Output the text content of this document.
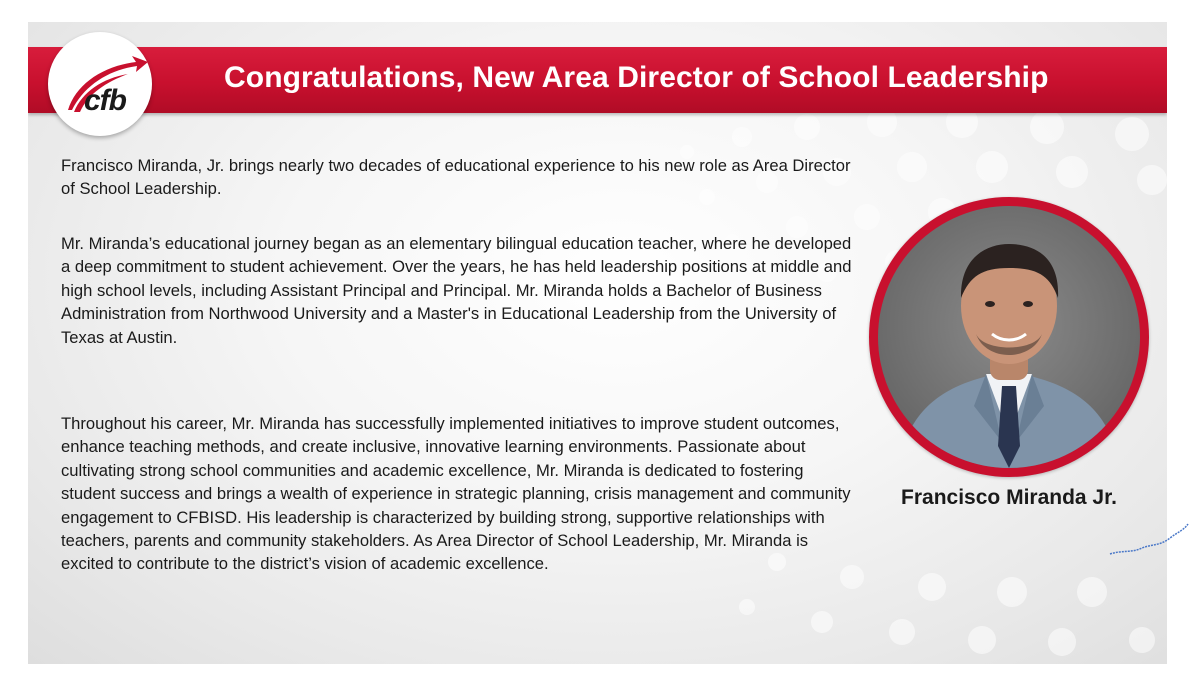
Congratulations, New Area Director of School Leadership
cfb

Francisco Miranda, Jr. brings nearly two decades of educational experience to his new role as Area Director of School Leadership.

Mr. Miranda’s educational journey began as an elementary bilingual education teacher, where he developed a deep commitment to student achievement. Over the years, he has held leadership positions at middle and high school levels, including Assistant Principal and Principal. Mr. Miranda holds a Bachelor of Business Administration from Northwood University and a Master's in Educational Leadership from the University of Texas at Austin.

Throughout his career, Mr. Miranda has successfully implemented initiatives to improve student outcomes, enhance teaching methods, and create inclusive, innovative learning environments. Passionate about cultivating strong school communities and academic excellence, Mr. Miranda is dedicated to fostering student success and brings a wealth of experience in strategic planning, crisis management and community engagement to CFBISD. His leadership is characterized by building strong, supportive relationships with teachers, parents and community stakeholders. As Area Director of School Leadership, Mr. Miranda is excited to contribute to the district’s vision of academic excellence.

Francisco Miranda Jr.
